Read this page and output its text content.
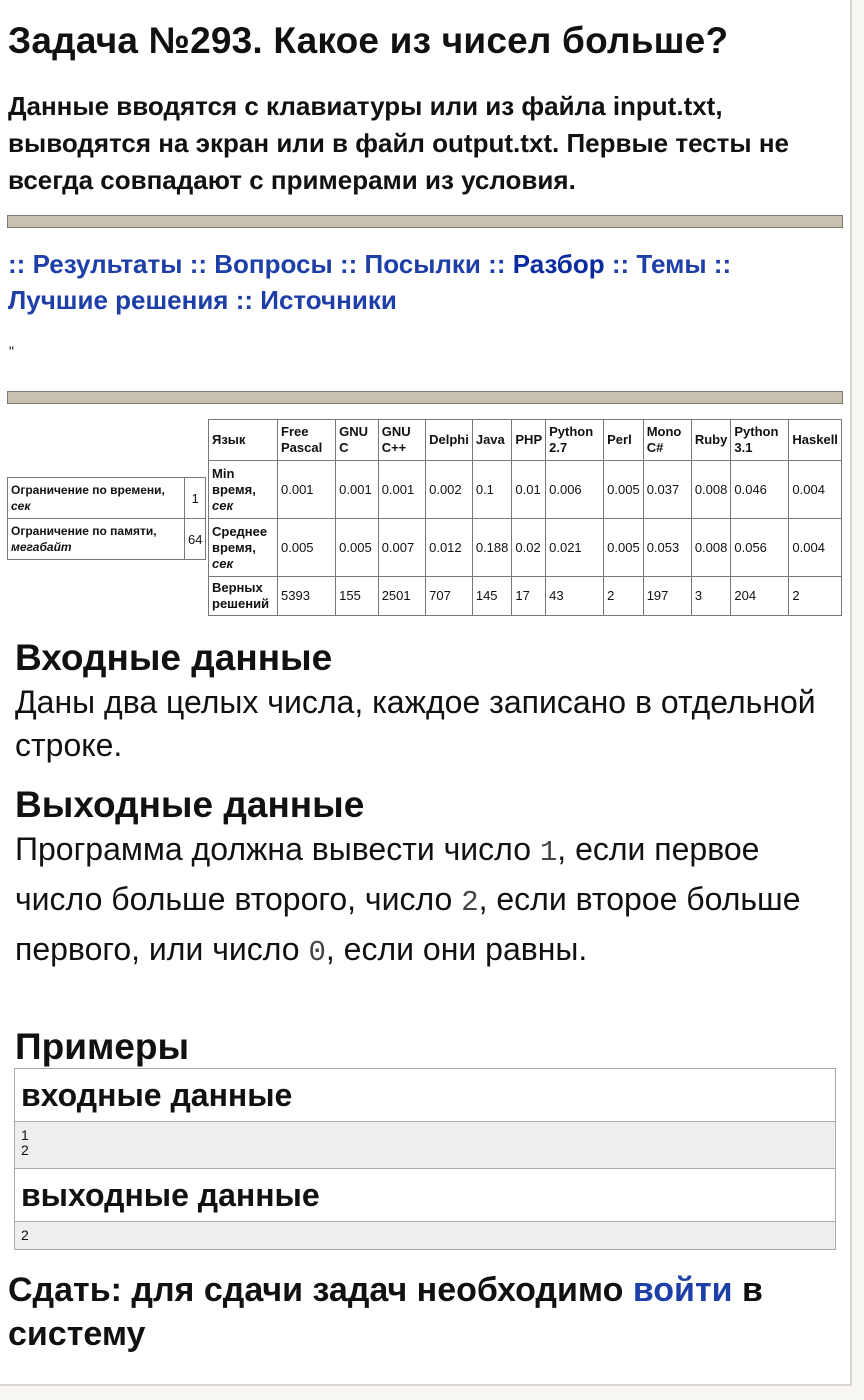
Задача №293. Какое из чисел больше?

Данные вводятся с клавиатуры или из файла input.txt, выводятся на экран или в файл output.txt. Первые тесты не всегда совпадают с примерами из условия.

:: Результаты :: Вопросы :: Посылки :: Разбор :: Темы ::
Лучшие решения :: Источники
"
Ограничение по времени, сек	1
Ограничение по памяти,
мегабайт	64
Язык	Free Pascal	GNU C	GNU C++	Delphi	Java	PHP	Python 2.7	Perl	Mono C#	Ruby	Python 3.1	Haskell
Min время,
сек	0.001	0.001	0.001	0.002	0.1	0.01	0.006	0.005	0.037	0.008	0.046	0.004
Среднее время,
сек	0.005	0.005	0.007	0.012	0.188	0.02	0.021	0.005	0.053	0.008	0.056	0.004
Верных решений	5393	155	2501	707	145	17	43	2	197	3	204	2
Входные данные

Даны два целых числа, каждое записано в отдельной строке.

Выходные данные

Программа должна вывести число 1, если первое число больше второго, число 2, если второе больше первого, или число 0, если они равны.

Примеры
входные данные
1
2
выходные данные
2

Сдать: для сдачи задач необходимо войти в систему
